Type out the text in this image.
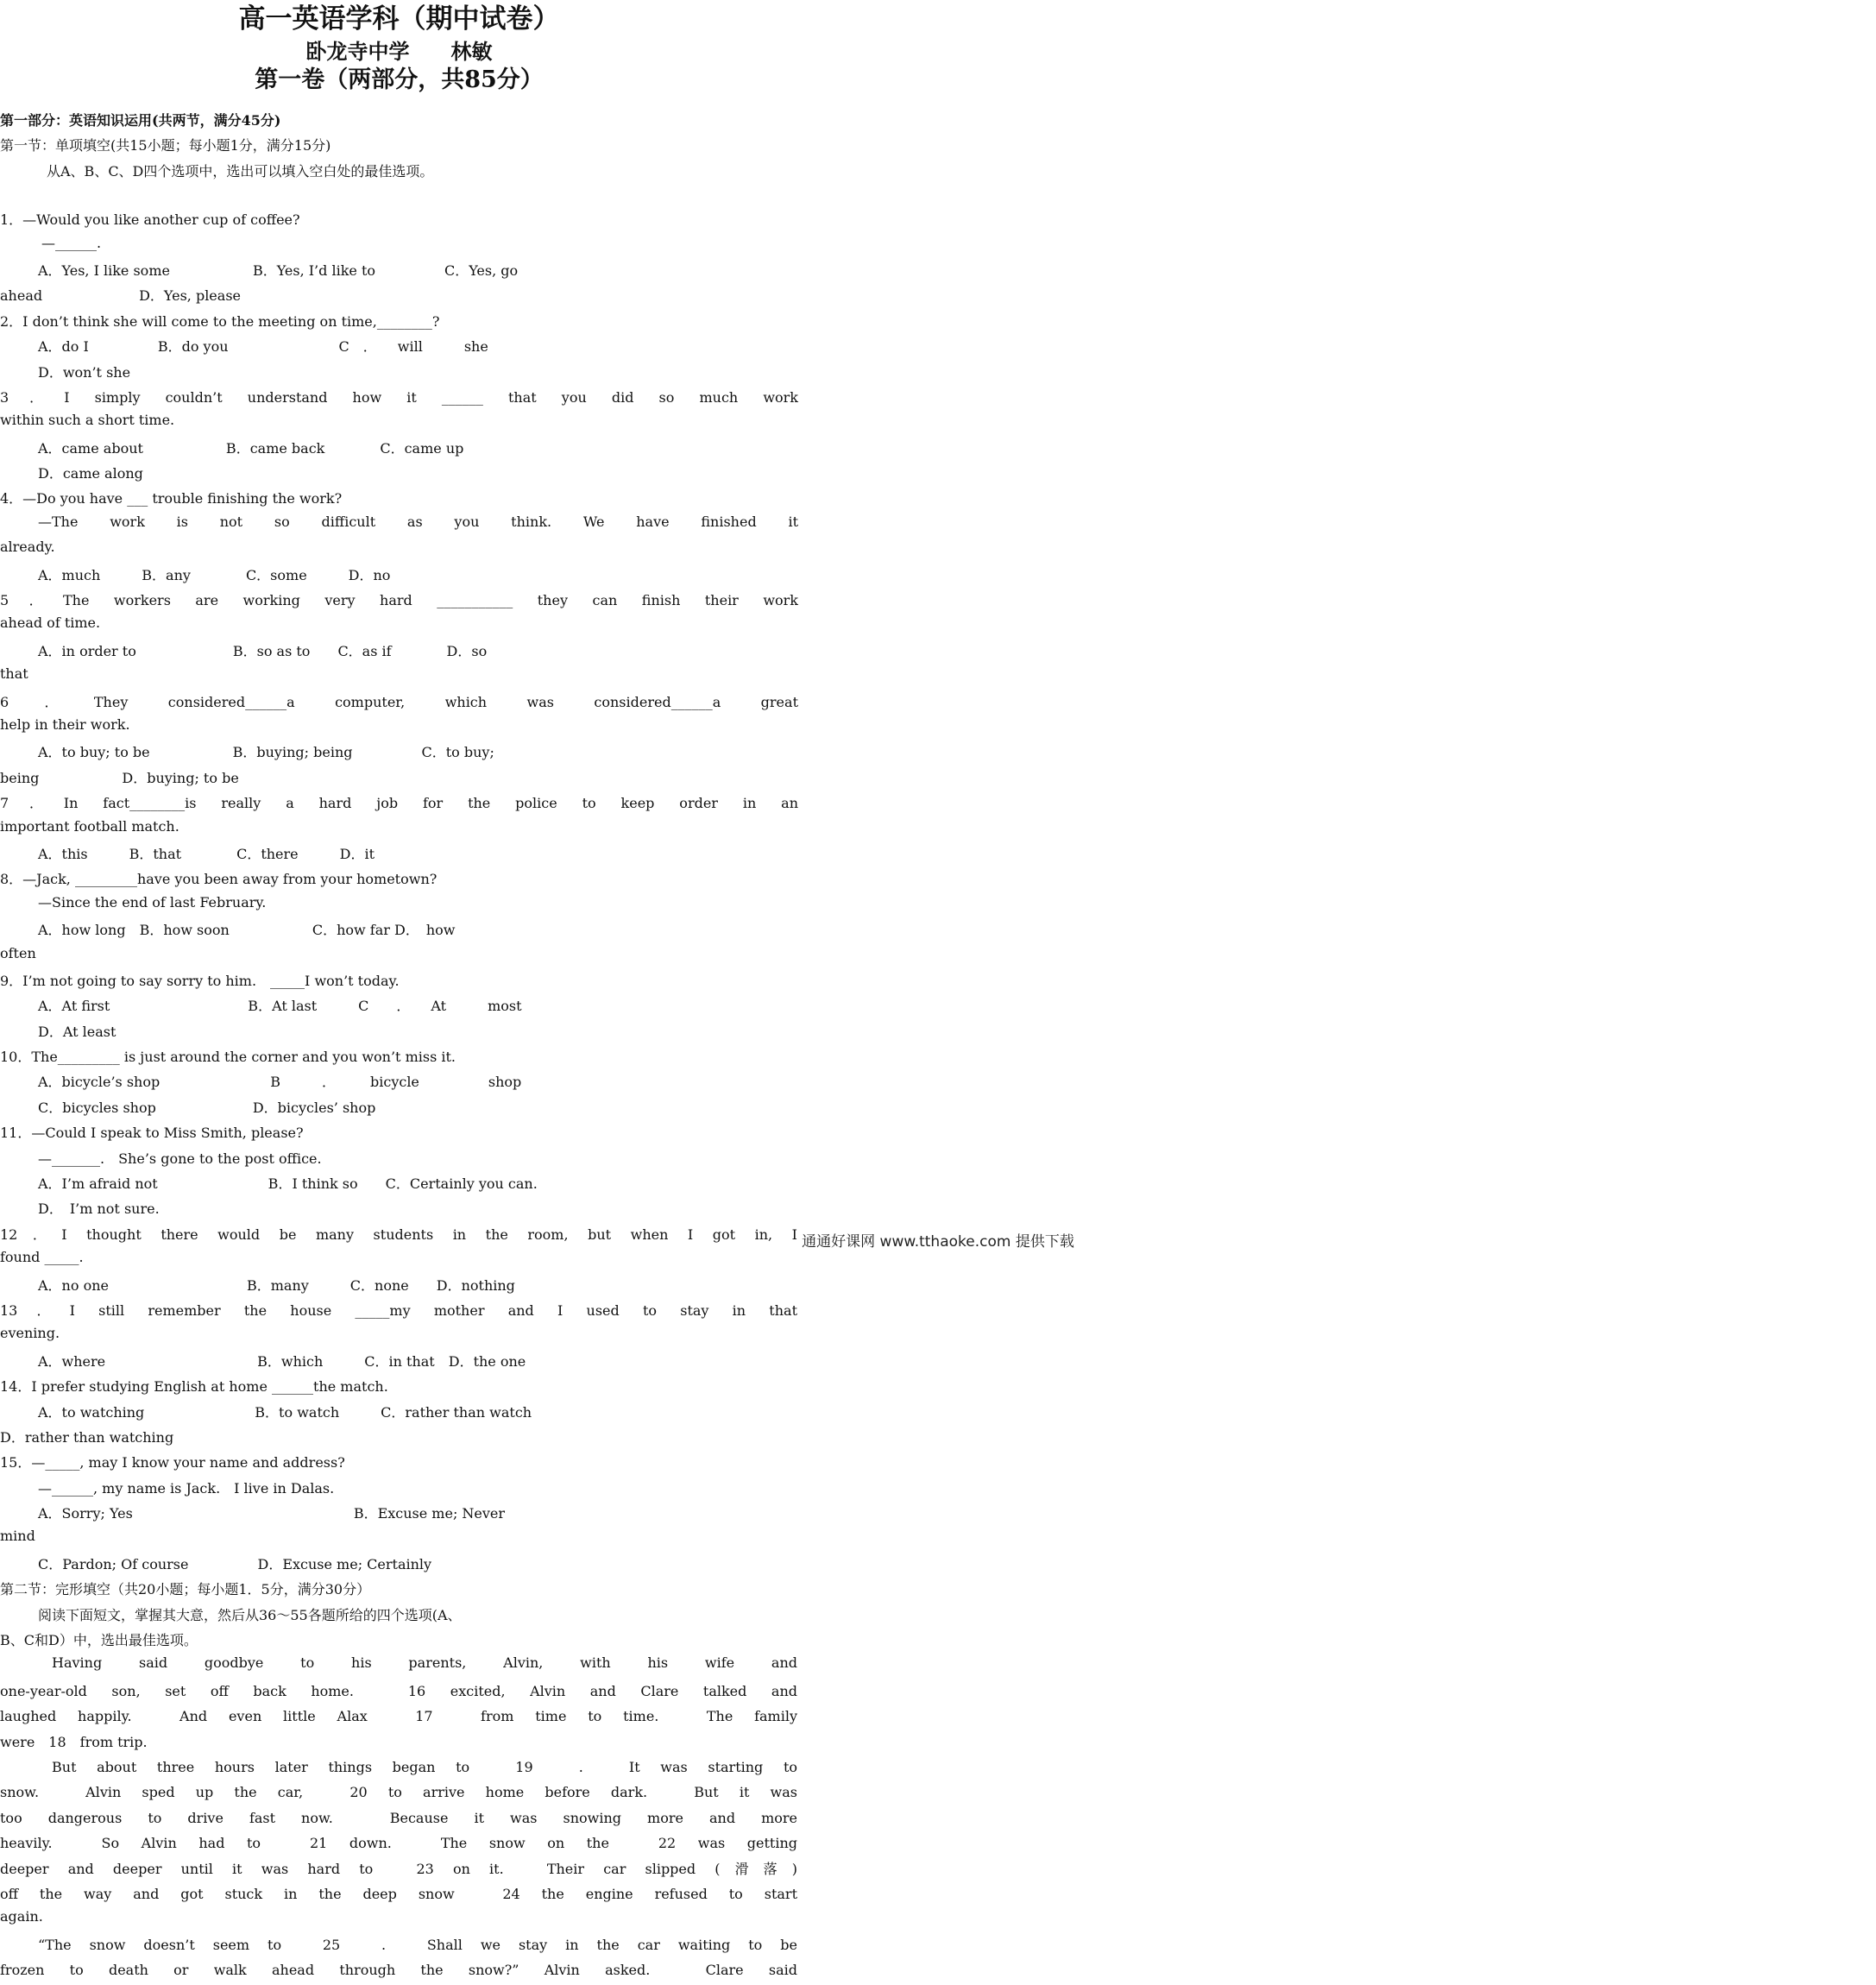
高一英语学科（期中试卷）
卧龙寺中学　　林敏
第一卷（两部分，共85分）
第一部分：英语知识运用(共两节，满分45分)
第一节：单项填空(共15小题；每小题1分，满分15分)
从A、B、C、D四个选项中，选出可以填入空白处的最佳选项。
1．—Would you like another cup of coffee?
—______.
A．Yes, I like some　　　　　　B．Yes, I’d like to　　　　　C．Yes, go
ahead　　　　　　　D．Yes, please
2．I don’t think she will come to the meeting on time,________?
A．do I　　　　　B．do you　　　　　　　　C　．　　will　　　she
D．won’t she
3．I simply couldn’t understand how it ______ that you did so much work
within such a short time.
A．came about　　　　　　B．came back　　　　C．came up
D．came along
4．—Do you have ___ trouble finishing the work?
—The work is not so difficult as you think. We have finished it
already.
A．much　　　B．any　　　　C．some　　　D．no
5．The workers are working very hard ___________ they can finish their work
ahead of time.
A．in order to　　　　　　　B．so as to　　C．as if　　　　D．so
that
6．They considered______a computer, which was considered______a great
help in their work.
A．to buy; to be　　　　　　B．buying; being　　　　　C．to buy;
being　　　　　　D．buying; to be
7．In fact________is really a hard job for the police to keep order in an
important football match.
A．this　　　B．that　　　　C．there　　　D．it
8．—Jack, _________have you been away from your hometown?
—Since the end of last February.
A．how long　B．how soon　　　　　　C．how far D．　how
often
9．I’m not going to say sorry to him.　_____I won’t today.
A．At first　　　　　　　　　　B．At last　　　C　　．　　At　　　most
D．At least
10．The_________ is just around the corner and you won’t miss it.
A．bicycle’s shop　　　　　　　　B　　　．　　　bicycle　　　　　shop
C．bicycles shop　　　　　　　D．bicycles’ shop
11．—Could I speak to Miss Smith, please?
—_______.　She’s gone to the post office.
A．I’m afraid not　　　　　　　　B．I think so　　C．Certainly you can.
D．　I’m not sure.
12．I thought there would be many students in the room, but when I got in, I
found _____.
A．no one　　　　　　　　　　B．many　　　C．none　　D．nothing
13．I still remember the house _____my mother and I used to stay in that
evening.
A．where　　　　　　　　　　　B．which　　　C．in that　D．the one
14．I prefer studying English at home ______the match.
A．to watching　　　　　　　　B．to watch　　　C．rather than watch
D．rather than watching
15．—_____, may I know your name and address?
—______, my name is Jack.　I live in Dalas.
A．Sorry; Yes　　　　　　　　　　　　　　　　B．Excuse me; Never
mind
C．Pardon; Of course　　　　　D．Excuse me; Certainly
第二节：完形填空（共20小题；每小题1．5分，满分30分）
阅读下面短文，掌握其大意，然后从36～55各题所给的四个选项(A、
B、C和D）中，选出最佳选项。
Having said goodbye to his parents, Alvin, with his wife and
one-year-old son, set off back home.　16 excited, Alvin and Clare talked and
laughed happily.　And even little Alax　17　from time to time.　The family
were　18　from trip.
But about three hours later things began to　19　.　It was starting to
snow.　Alvin sped up the car,　20 to arrive home before dark.　But it was
too dangerous to drive fast now.　Because it was snowing more and more
heavily.　So Alvin had to　21 down.　The snow on the　22 was getting
deeper and deeper until it was hard to　23 on it.　Their car slipped (滑落)
off the way and got stuck in the deep snow　24 the engine refused to start
again.
“The snow doesn’t seem to　25　.　Shall we stay in the car waiting to be
frozen to death or walk ahead through the snow?” Alvin asked.　Clare said
通通好课网 www.tthaoke.com 提供下载
